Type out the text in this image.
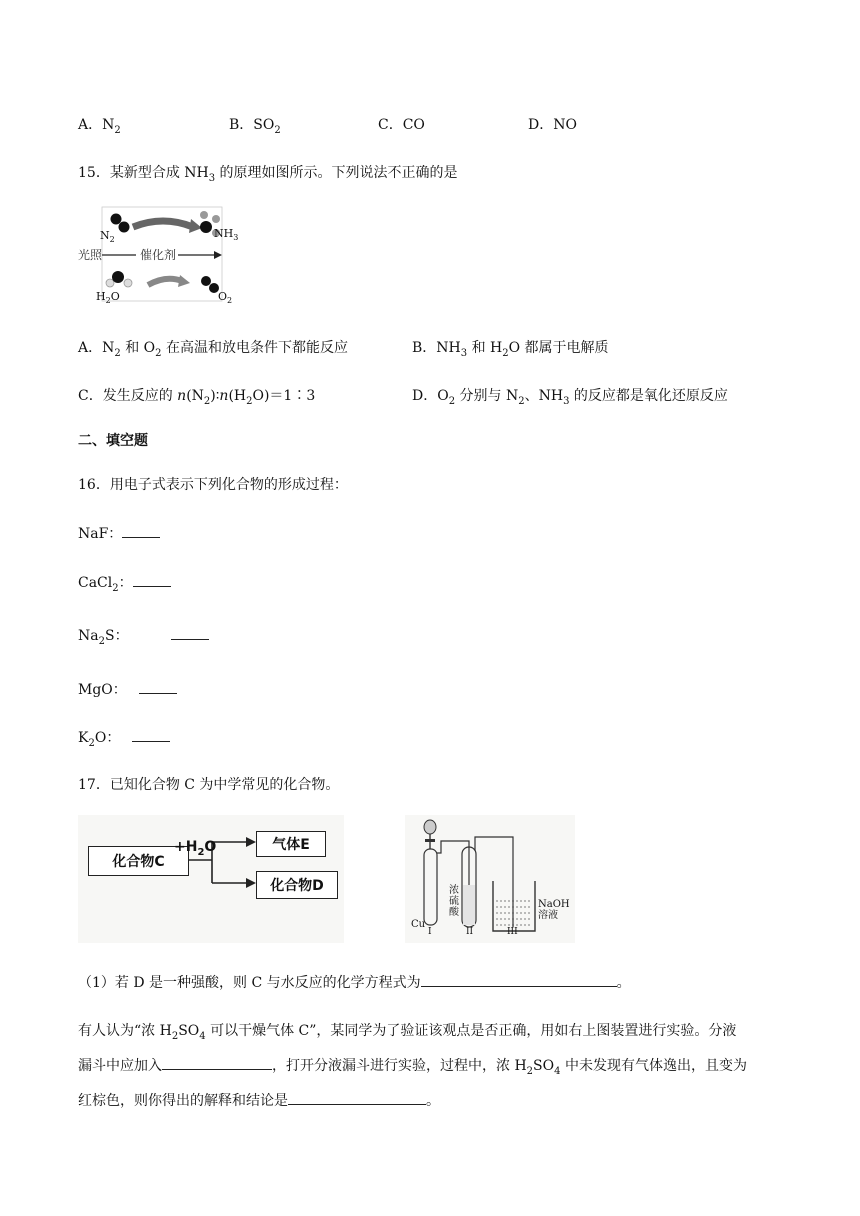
A．$N_2$	B．$SO_2$	C．CO	D．NO
15．某新型合成 $NH_3$ 的原理如图所示。下列说法不正确的是
$N_2$	$NH_3$
光照	催化剂
$H_2O$	$O_2$
A．$N_2$ 和 $O_2$ 在高温和放电条件下都能反应	B．$NH_3$ 和 $H_2O$ 都属于电解质
C．发生反应的 $n(N_2)∶n(H_2O)=1∶3$	D．$O_2$ 分别与 $N_2$、$NH_3$ 的反应都是氧化还原反应
二、填空题
16．用电子式表示下列化合物的形成过程：
NaF：
CaCl$_2$：
$Na_2S$：
MgO：
$K_2O$：
17．已知化合物 C 为中学常见的化合物。
化合物C
$+H_2O$	气体E
化合物D
Cu
I	II	III
浓
硫
酸
NaOH
溶液
（1）若 D 是一种强酸，则 C 与水反应的化学方程式为	。
有人认为“浓 $H_2SO_4$ 可以干燥气体 C”，某同学为了验证该观点是否正确，用如右上图装置进行实验。分液
漏斗中应加入	，打开分液漏斗进行实验，过程中，浓 $H_2SO_4$ 中未发现有气体逸出，且变为
红棕色，则你得出的解释和结论是	。
